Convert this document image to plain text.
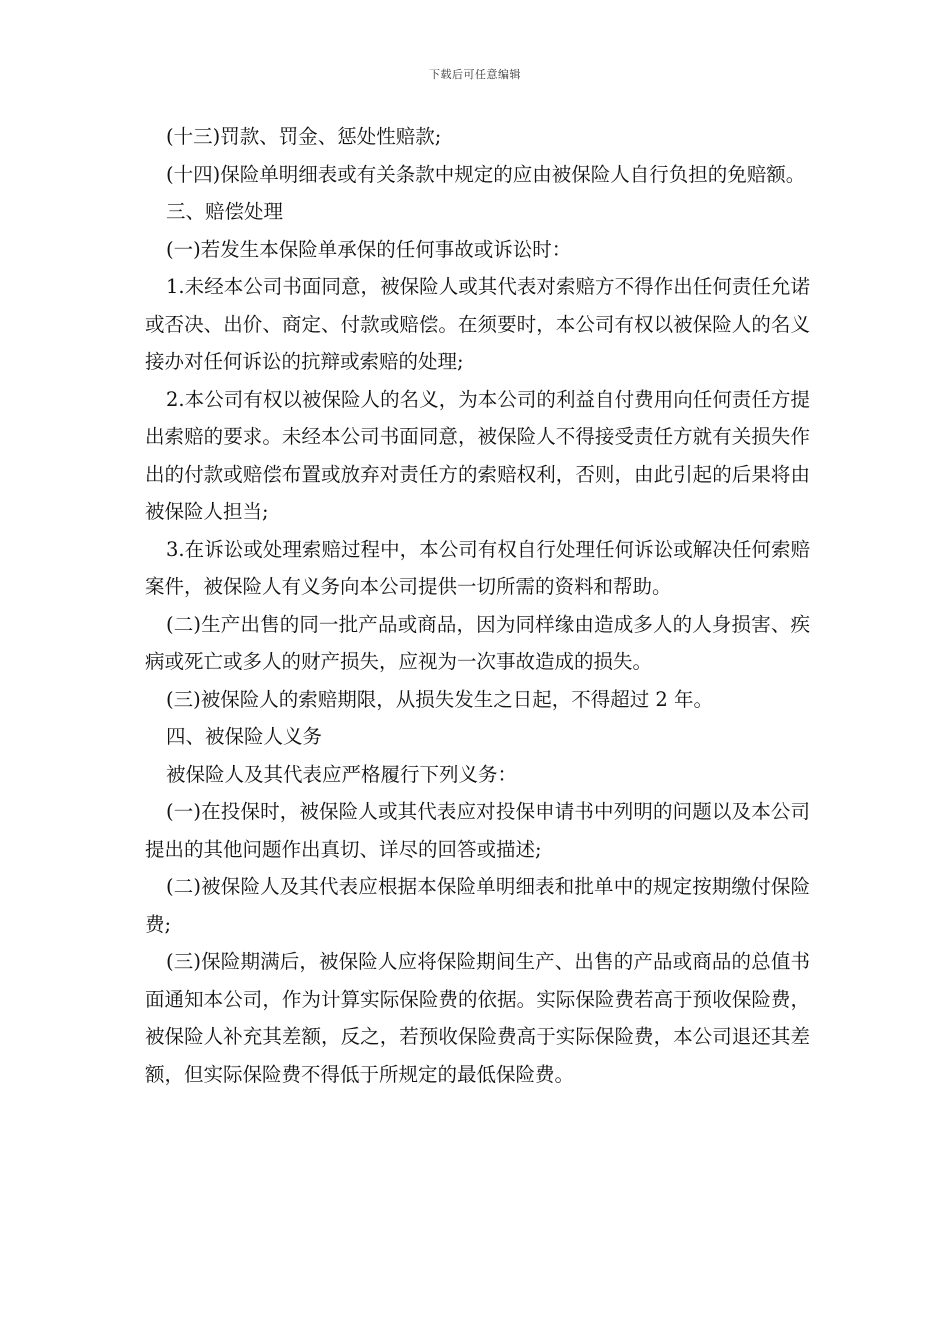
下载后可任意编辑

(十三)罚款、罚金、惩处性赔款;

(十四)保险单明细表或有关条款中规定的应由被保险人自行负担的免赔额。

三、赔偿处理

(一)若发生本保险单承保的任何事故或诉讼时：

1.未经本公司书面同意，被保险人或其代表对索赔方不得作出任何责任允诺或否决、出价、商定、付款或赔偿。在须要时，本公司有权以被保险人的名义接办对任何诉讼的抗辩或索赔的处理;

2.本公司有权以被保险人的名义，为本公司的利益自付费用向任何责任方提出索赔的要求。未经本公司书面同意，被保险人不得接受责任方就有关损失作出的付款或赔偿布置或放弃对责任方的索赔权利，否则，由此引起的后果将由被保险人担当;

3.在诉讼或处理索赔过程中，本公司有权自行处理任何诉讼或解决任何索赔案件，被保险人有义务向本公司提供一切所需的资料和帮助。

(二)生产出售的同一批产品或商品，因为同样缘由造成多人的人身损害、疾病或死亡或多人的财产损失，应视为一次事故造成的损失。

(三)被保险人的索赔期限，从损失发生之日起，不得超过 2 年。

四、被保险人义务

被保险人及其代表应严格履行下列义务：

(一)在投保时，被保险人或其代表应对投保申请书中列明的问题以及本公司提出的其他问题作出真切、详尽的回答或描述;

(二)被保险人及其代表应根据本保险单明细表和批单中的规定按期缴付保险费;

(三)保险期满后，被保险人应将保险期间生产、出售的产品或商品的总值书面通知本公司，作为计算实际保险费的依据。实际保险费若高于预收保险费，被保险人补充其差额，反之，若预收保险费高于实际保险费，本公司退还其差额，但实际保险费不得低于所规定的最低保险费。
